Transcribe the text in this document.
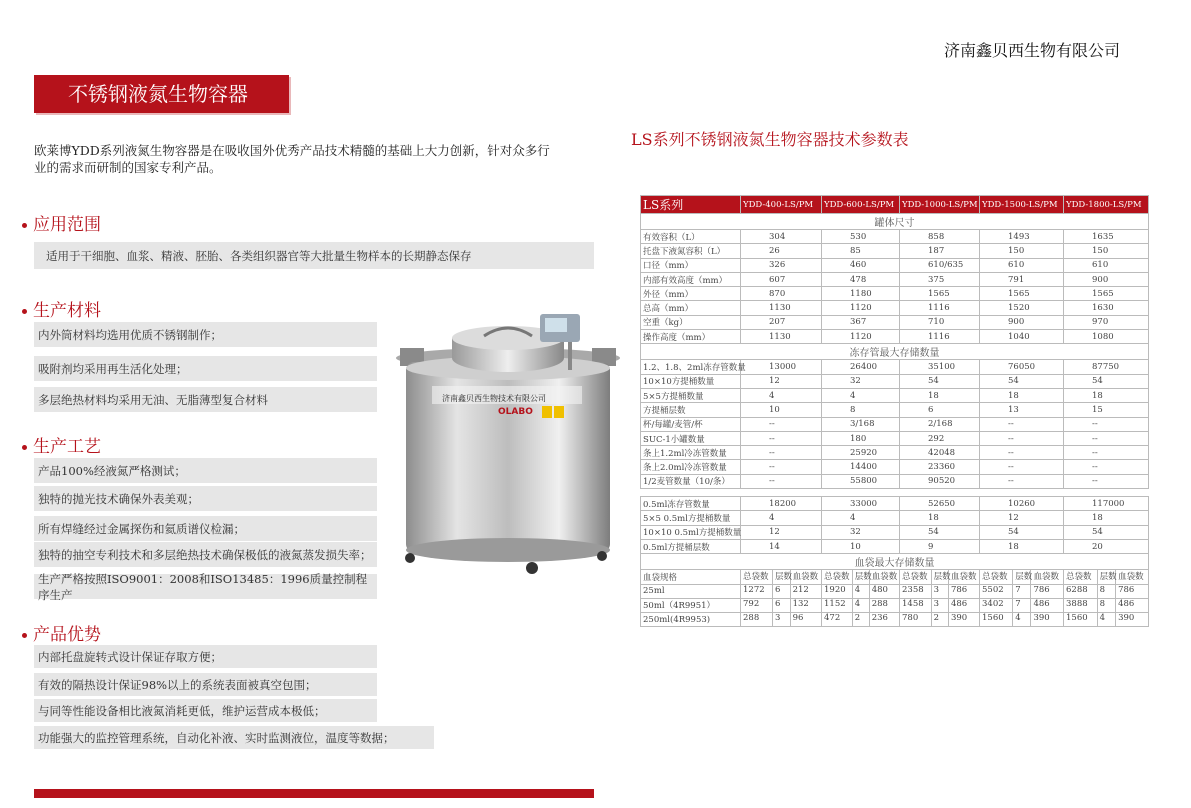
济南鑫贝西生物有限公司
不锈钢液氮生物容器
欧莱博YDD系列液氮生物容器是在吸收国外优秀产品技术精髓的基础上大力创新，针对众多行业的需求而研制的国家专利产品。
应用范围
适用于干细胞、血浆、精液、胚胎、各类组织器官等大批量生物样本的长期静态保存
生产材料
内外筒材料均选用优质不锈钢制作；
吸附剂均采用再生活化处理；
多层绝热材料均采用无油、无脂薄型复合材料
生产工艺
产品100%经液氮严格测试；
独特的抛光技术确保外表美观；
所有焊缝经过金属探伤和氦质谱仪检漏；
独特的抽空专利技术和多层绝热技术确保极低的液氮蒸发损失率；
生产严格按照ISO9001：2008和ISO13485：1996质量控制程序生产
产品优势
内部托盘旋转式设计保证存取方便；
有效的隔热设计保证98%以上的系统表面被真空包围；
与同等性能设备相比液氮消耗更低，维护运营成本极低；
功能强大的监控管理系统，自动化补液、实时监测液位，温度等数据；
济南鑫贝西生物技术有限公司
OLABO
LS系列不锈钢液氮生物容器技术参数表
LS系列	YDD-400-LS/PM	YDD-600-LS/PM	YDD-1000-LS/PM	YDD-1500-LS/PM	YDD-1800-LS/PM
罐体尺寸					
有效容积（L）	304	530	858	1493	1635
托盘下液氮容积（L）	26	85	187	150	150
口径（mm）	326	460	610/635	610	610
内部有效高度（mm）	607	478	375	791	900
外径（mm）	870	1180	1565	1565	1565
总高（mm）	1130	1120	1116	1520	1630
空重（kg）	207	367	710	900	970
操作高度（mm）	1130	1120	1116	1040	1080
冻存管最大存储数量					
1.2、1.8、2ml冻存管数量	13000	26400	35100	76050	87750
10×10方提桶数量	12	32	54	54	54
5×5方提桶数量	4	4	18	18	18
方提桶层数	10	8	6	13	15
杯/每罐/麦管/杯	--	3/168	2/168	--	--
SUC-1小罐数量	--	180	292	--	--
条上1.2ml冷冻管数量	--	25920	42048	--	--
条上2.0ml冷冻管数量	--	14400	23360	--	--
1/2麦管数量（10/条）	--	55800	90520	--	--

0.5ml冻存管数量	18200	33000	52650	10260	117000
5×5 0.5ml方提桶数量	4	4	18	12	18
10×10 0.5ml方提桶数量	12	32	54	54	54
0.5ml方提桶层数	14	10	9	18	20
血袋最大存储数量					
血袋规格	总袋数 层数 血袋数	总袋数 层数 血袋数	总袋数 层数 血袋数	总袋数 层数 血袋数	总袋数 层数 血袋数

25ml	1272 6 212	1920 4 480	2358 3 786	5502 7 786	6288 8 786

50ml（4R9951）	792 6 132	1152 4 288	1458 3 486	3402 7 486	3888 8 486

250ml(4R9953)	288 3 96	472 2 236	780 2 390	1560 4 390	1560 4 390
